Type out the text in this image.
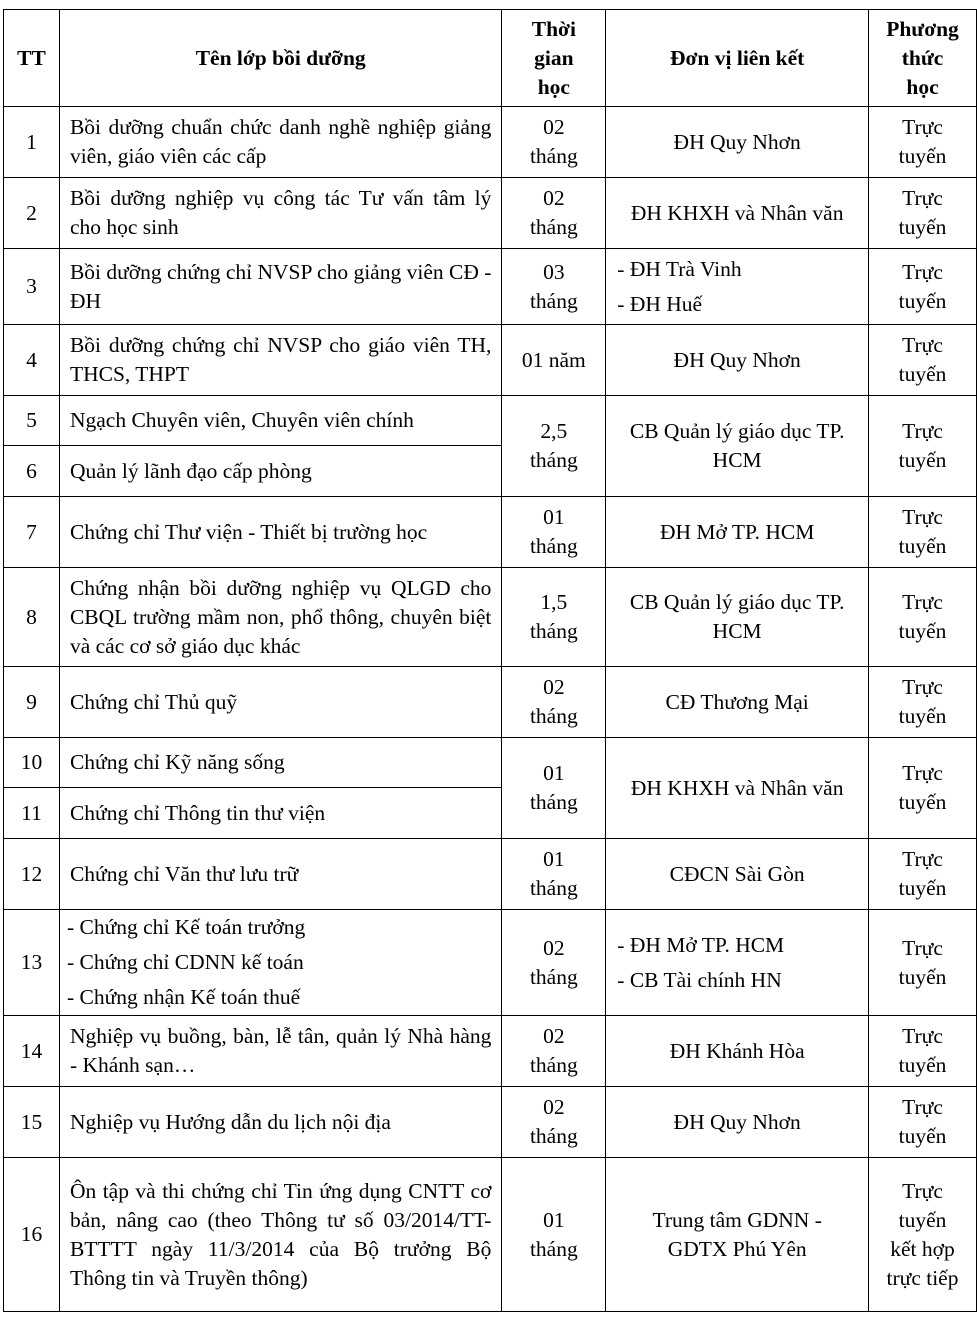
TT	Tên lớp bồi dưỡng	Thời
gian
học	Đơn vị liên kết	Phương
thức
học

1	Bồi dưỡng chuẩn chức danh nghề nghiệp giảng viên, giáo viên các cấp	02
tháng	ĐH Quy Nhơn	Trực
tuyến

2	Bồi dưỡng nghiệp vụ công tác Tư vấn tâm lý cho học sinh	02
tháng	ĐH KHXH và Nhân văn	Trực
tuyến

3	Bồi dưỡng chứng chỉ NVSP cho giảng viên CĐ - ĐH	03
tháng	- ĐH Trà Vinh
- ĐH Huế	Trực
tuyến

4	Bồi dưỡng chứng chỉ NVSP cho giáo viên TH, THCS, THPT	01 năm	ĐH Quy Nhơn	Trực
tuyến

5	Ngạch Chuyên viên, Chuyên viên chính	2,5
tháng	CB Quản lý giáo dục TP. HCM	Trực
tuyến

6	Quản lý lãnh đạo cấp phòng			
7	Chứng chỉ Thư viện - Thiết bị trường học	01
tháng	ĐH Mở TP. HCM	Trực
tuyến

8	Chứng nhận bồi dưỡng nghiệp vụ QLGD cho CBQL trường mầm non, phổ thông, chuyên biệt và các cơ sở giáo dục khác	1,5
tháng	CB Quản lý giáo dục TP. HCM	Trực
tuyến

9	Chứng chỉ Thủ quỹ	02
tháng	CĐ Thương Mại	Trực
tuyến

10	Chứng chỉ Kỹ năng sống	01
tháng	ĐH KHXH và Nhân văn	Trực
tuyến

11	Chứng chỉ Thông tin thư viện			
12	Chứng chỉ Văn thư lưu trữ	01
tháng	CĐCN Sài Gòn	Trực
tuyến

13	- Chứng chỉ Kế toán trưởng
- Chứng chỉ CDNN kế toán
- Chứng nhận Kế toán thuế	02
tháng	- ĐH Mở TP. HCM
- CB Tài chính HN	Trực
tuyến

14	Nghiệp vụ buồng, bàn, lễ tân, quản lý Nhà hàng - Khánh sạn…	02
tháng	ĐH Khánh Hòa	Trực
tuyến

15	Nghiệp vụ Hướng dẫn du lịch nội địa	02
tháng	ĐH Quy Nhơn	Trực
tuyến

16	Ôn tập và thi chứng chỉ Tin ứng dụng CNTT cơ bản, nâng cao (theo Thông tư số 03/2014/TT-BTTTT ngày 11/3/2014 của Bộ trưởng Bộ Thông tin và Truyền thông)	01
tháng	Trung tâm GDNN - GDTX Phú Yên	Trực
tuyến
kết hợp
trực tiếp
